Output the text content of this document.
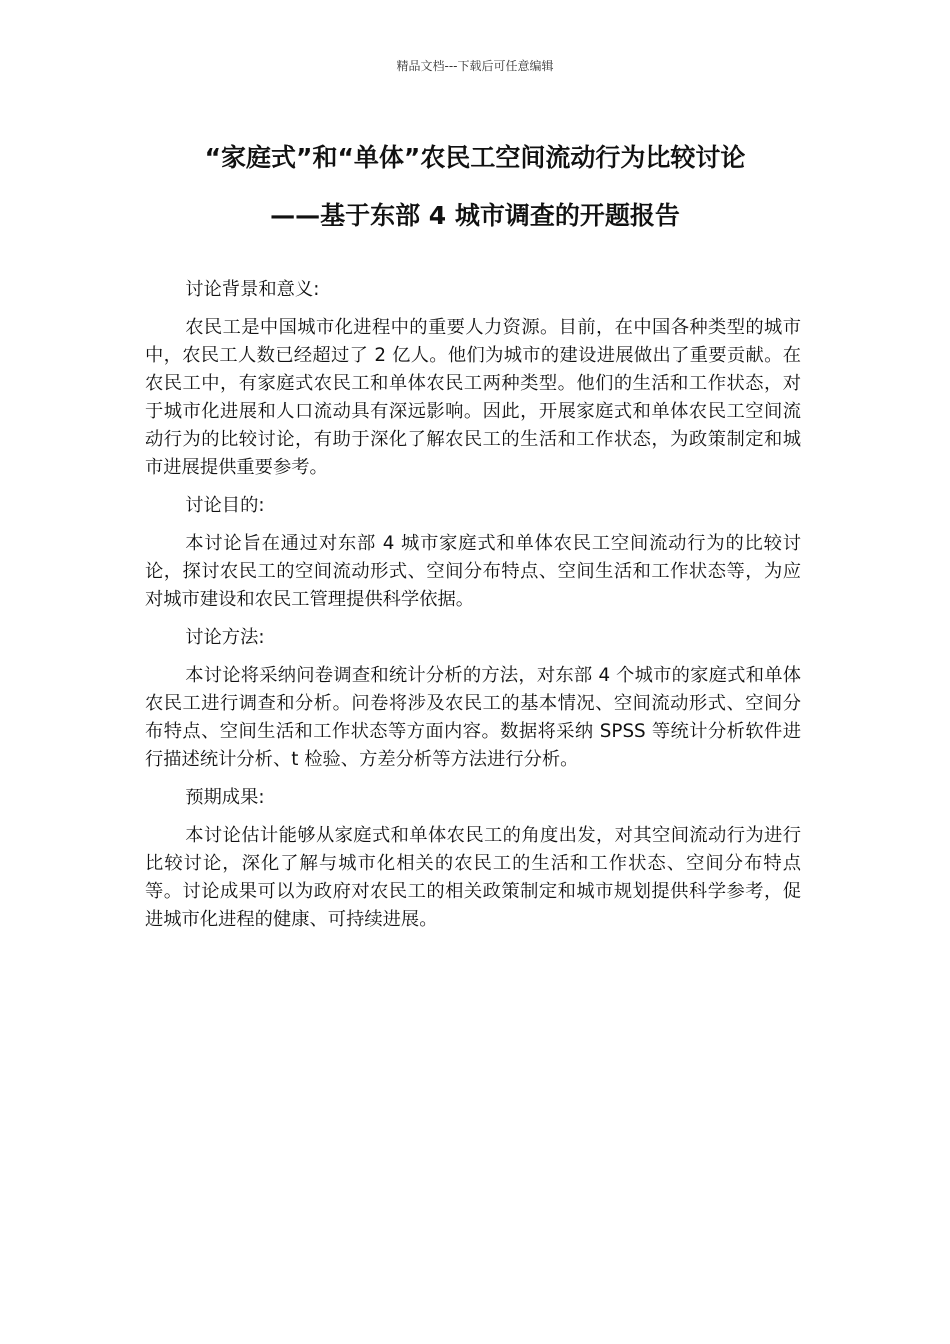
精品文档---下载后可任意编辑
“家庭式”和“单体”农民工空间流动行为比较讨论
——基于东部 4 城市调查的开题报告

讨论背景和意义:

农民工是中国城市化进程中的重要人力资源。目前，在中国各种类型的城市中，农民工人数已经超过了 2 亿人。他们为城市的建设进展做出了重要贡献。在农民工中，有家庭式农民工和单体农民工两种类型。他们的生活和工作状态，对于城市化进展和人口流动具有深远影响。因此，开展家庭式和单体农民工空间流动行为的比较讨论，有助于深化了解农民工的生活和工作状态，为政策制定和城市进展提供重要参考。

讨论目的:

本讨论旨在通过对东部 4 城市家庭式和单体农民工空间流动行为的比较讨论，探讨农民工的空间流动形式、空间分布特点、空间生活和工作状态等，为应对城市建设和农民工管理提供科学依据。

讨论方法:

本讨论将采纳问卷调查和统计分析的方法，对东部 4 个城市的家庭式和单体农民工进行调查和分析。问卷将涉及农民工的基本情况、空间流动形式、空间分布特点、空间生活和工作状态等方面内容。数据将采纳 SPSS 等统计分析软件进行描述统计分析、t 检验、方差分析等方法进行分析。

预期成果:

本讨论估计能够从家庭式和单体农民工的角度出发，对其空间流动行为进行比较讨论，深化了解与城市化相关的农民工的生活和工作状态、空间分布特点等。讨论成果可以为政府对农民工的相关政策制定和城市规划提供科学参考，促进城市化进程的健康、可持续进展。
